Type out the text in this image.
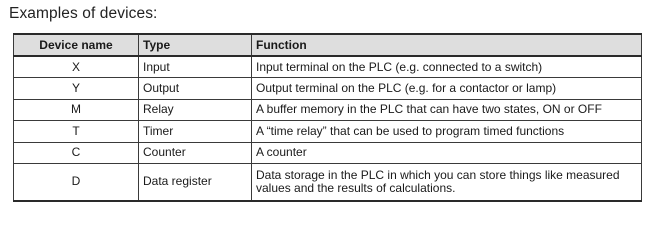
Examples of devices:
Device name	Type	Function
X	Input	Input terminal on the PLC (e.g. connected to a switch)
Y	Output	Output terminal on the PLC (e.g. for a contactor or lamp)
M	Relay	A buffer memory in the PLC that can have two states, ON or OFF
T	Timer	A “time relay” that can be used to program timed functions
C	Counter	A counter
D	Data register	Data storage in the PLC in which you can store things like measured values and the results of calculations.
